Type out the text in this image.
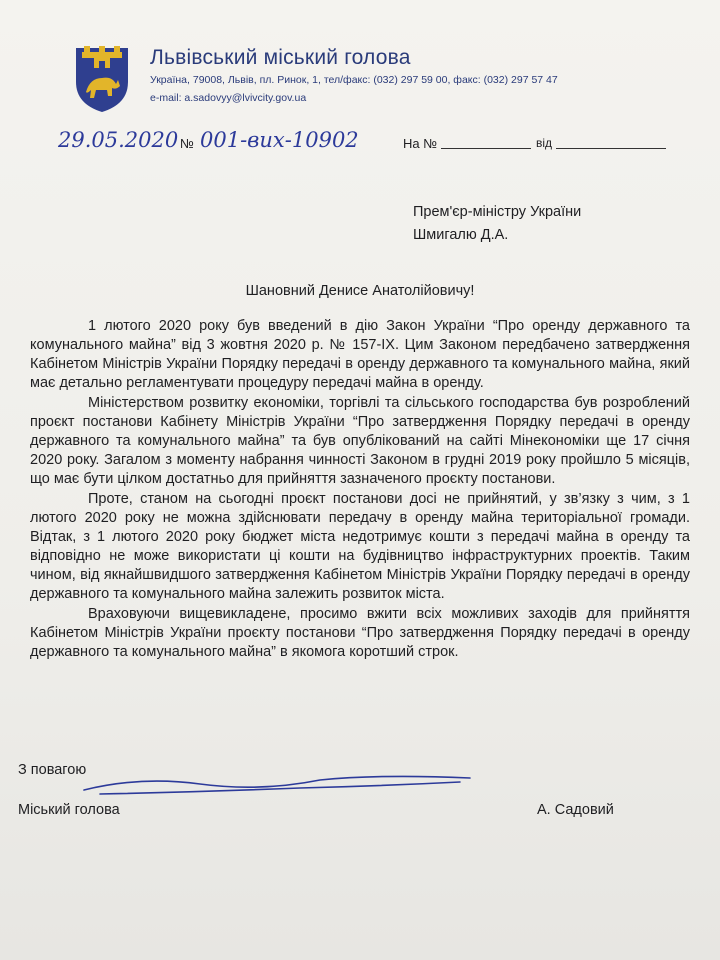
Львівський міський голова
Україна, 79008, Львів, пл. Ринок, 1, тел/факс: (032) 297 59 00, факс: (032) 297 57 47
e-mail: a.sadovyy@lvivcity.gov.ua
29.05.2020 № 001-вих-10902	На №	від
Прем'єр-міністру України
Шмигалю Д.А.
Шановний Денисе Анатолійовичу!

1 лютого 2020 року був введений в дію Закон України “Про оренду державного та комунального майна” від 3 жовтня 2020 р. № 157-IX. Цим Законом передбачено затвердження Кабінетом Міністрів України Порядку передачі в оренду державного та комунального майна, який має детально регламентувати процедуру передачі майна в оренду.

Міністерством розвитку економіки, торгівлі та сільського господарства був розроблений проєкт постанови Кабінету Міністрів України “Про затвердження Порядку передачі в оренду державного та комунального майна” та був опублікований на сайті Мінекономіки ще 17 січня 2020 року. Загалом з моменту набрання чинності Законом в грудні 2019 року пройшло 5 місяців, що має бути цілком достатньо для прийняття зазначеного проєкту постанови.

Проте, станом на сьогодні проєкт постанови досі не прийнятий, у зв’язку з чим, з 1 лютого 2020 року не можна здійснювати передачу в оренду майна територіальної громади. Відтак, з 1 лютого 2020 року бюджет міста недотримує кошти з передачі майна в оренду та відповідно не може використати ці кошти на будівництво інфраструктурних проектів. Таким чином, від якнайшвидшого затвердження Кабінетом Міністрів України Порядку передачі в оренду державного та комунального майна залежить розвиток міста.

Враховуючи вищевикладене, просимо вжити всіх можливих заходів для прийняття Кабінетом Міністрів України проєкту постанови “Про затвердження Порядку передачі в оренду державного та комунального майна” в якомога коротший строк.

З повагою
Міський голова	А. Садовий
